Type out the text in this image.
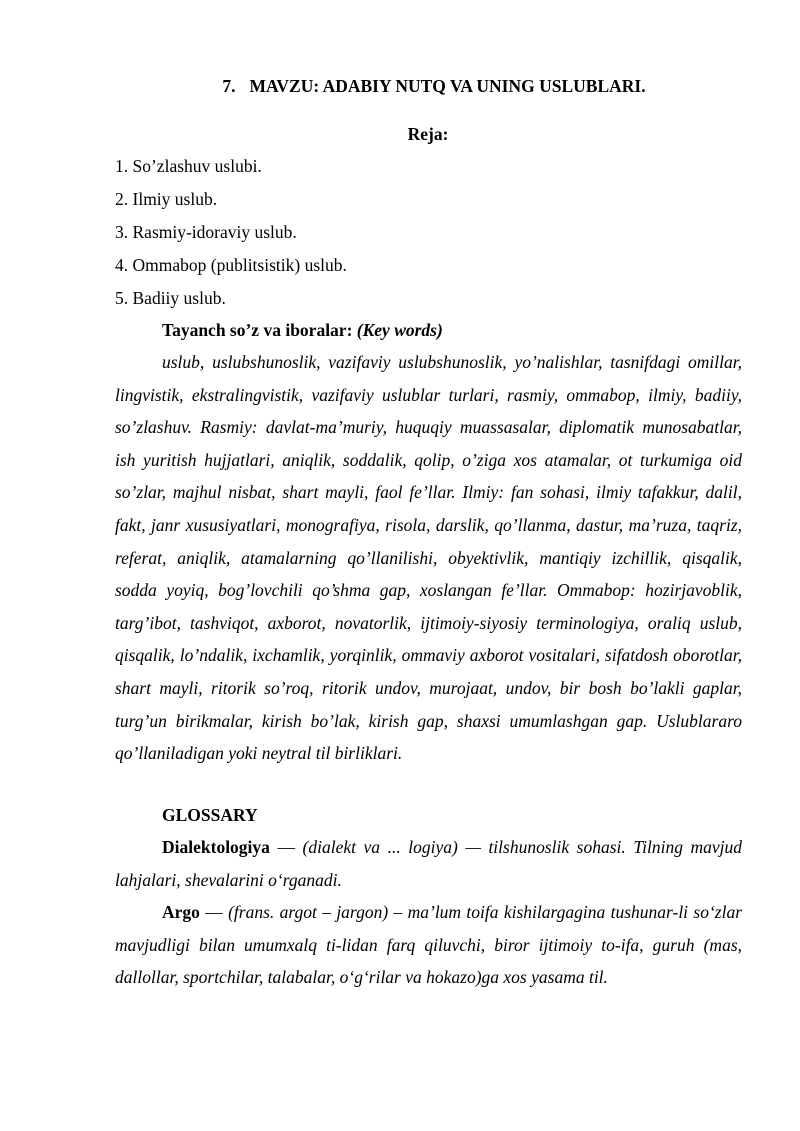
7. MAVZU: ADABIY NUTQ VA UNING USLUBLARI.
Reja:
1. So’zlashuv uslubi.
2. Ilmiy uslub.
3. Rasmiy-idoraviy uslub.
4. Ommabop (publitsistik) uslub.
5. Badiiy uslub.
Tayanch so’z va iboralar: (Key words)
uslub, uslubshunoslik, vazifaviy uslubshunoslik, yo’nalishlar, tasnifdagi omillar, lingvistik, ekstralingvistik, vazifaviy uslublar turlari, rasmiy, ommabop, ilmiy, badiiy, so’zlashuv. Rasmiy: davlat-ma’muriy, huquqiy muassasalar, diplomatik munosabatlar, ish yuritish hujjatlari, aniqlik, soddalik, qolip, o’ziga xos atamalar, ot turkumiga oid so’zlar, majhul nisbat, shart mayli, faol fe’llar. Ilmiy: fan sohasi, ilmiy tafakkur, dalil, fakt, janr xususiyatlari, monografiya, risola, darslik, qo’llanma, dastur, ma’ruza, taqriz, referat, aniqlik, atamalarning qo’llanilishi, obyektivlik, mantiqiy izchillik, qisqalik, sodda yoyiq, bog’lovchili qo’shma gap, xoslangan fe’llar. Ommabop: hozirjavoblik, targ’ibot, tashviqot, axborot, novatorlik, ijtimoiy-siyosiy terminologiya, oraliq uslub, qisqalik, lo’ndalik, ixchamlik, yorqinlik, ommaviy axborot vositalari, sifatdosh oborotlar, shart mayli, ritorik so’roq, ritorik undov, murojaat, undov, bir bosh bo’lakli gaplar, turg’un birikmalar, kirish bo’lak, kirish gap, shaxsi umumlashgan gap. Uslublararo qo’llaniladigan yoki neytral til birliklari.
GLOSSARY
Dialektologiya — (dialekt va ... logiya) — tilshunoslik sohasi. Tilning mavjud lahjalari, shevalarini o‘rganadi.
Argo — (frans. argot – jargon) – ma’lum toifa kishilargagina tushunar-li so‘zlar mavjudligi bilan umumxalq ti-lidan farq qiluvchi, biror ijtimoiy to-ifa, guruh (mas, dallollar, sportchilar, talabalar, o‘g‘rilar va hokazo)ga xos yasama til.
